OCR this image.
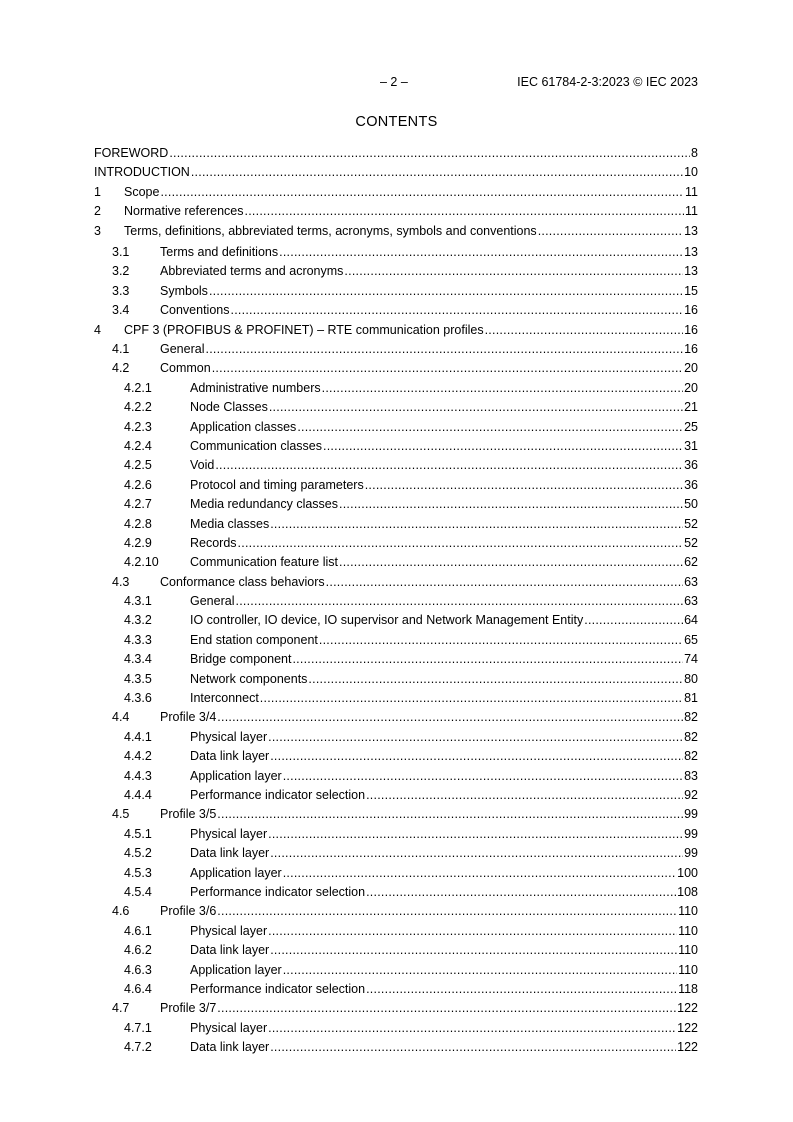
– 2 –	IEC 61784-2-3:2023 © IEC 2023
CONTENTS
FOREWORD . . .	8
INTRODUCTION . . .	10
1 Scope . . .	11
2 Normative references . . .	11
3 Terms, definitions, abbreviated terms, acronyms, symbols and conventions . . .	13
3.1 Terms and definitions . . .	13
3.2 Abbreviated terms and acronyms . . .	13
3.3 Symbols . . .	15
3.4 Conventions . . .	16
4 CPF 3 (PROFIBUS & PROFINET) – RTE communication profiles . . .	16
4.1 General . . .	16
4.2 Common . . .	20
4.2.1	Administrative numbers . . .	20
4.2.2	Node Classes . . .	21
4.2.3	Application classes . . .	25
4.2.4	Communication classes . . .	31
4.2.5	Void . . .	36
4.2.6	Protocol and timing parameters . . .	36
4.2.7	Media redundancy classes . . .	50
4.2.8	Media classes . . .	52
4.2.9	Records . . .	52
4.2.10 Communication feature list . . .	62
4.3 Conformance class behaviors . . .	63
4.3.1	General . . .	63
4.3.2	IO controller, IO device, IO supervisor and Network Management Entity . . .	64
4.3.3	End station component . . .	65
4.3.4	Bridge component . . .	74
4.3.5	Network components . . .	80
4.3.6	Interconnect . . .	81
4.4 Profile 3/4 . . .	82
4.4.1	Physical layer . . .	82
4.4.2	Data link layer . . .	82
4.4.3	Application layer . . .	83
4.4.4	Performance indicator selection . . .	92
4.5 Profile 3/5 . . .	99
4.5.1	Physical layer . . .	99
4.5.2	Data link layer . . .	99
4.5.3	Application layer . . .	100
4.5.4	Performance indicator selection . . .	108
4.6 Profile 3/6 . . .	110
4.6.1	Physical layer . . .	110
4.6.2	Data link layer . . .	110
4.6.3	Application layer . . .	110
4.6.4	Performance indicator selection . . .	118
4.7 Profile 3/7 . . .	122
4.7.1	Physical layer . . .	122
4.7.2	Data link layer . . .	122
